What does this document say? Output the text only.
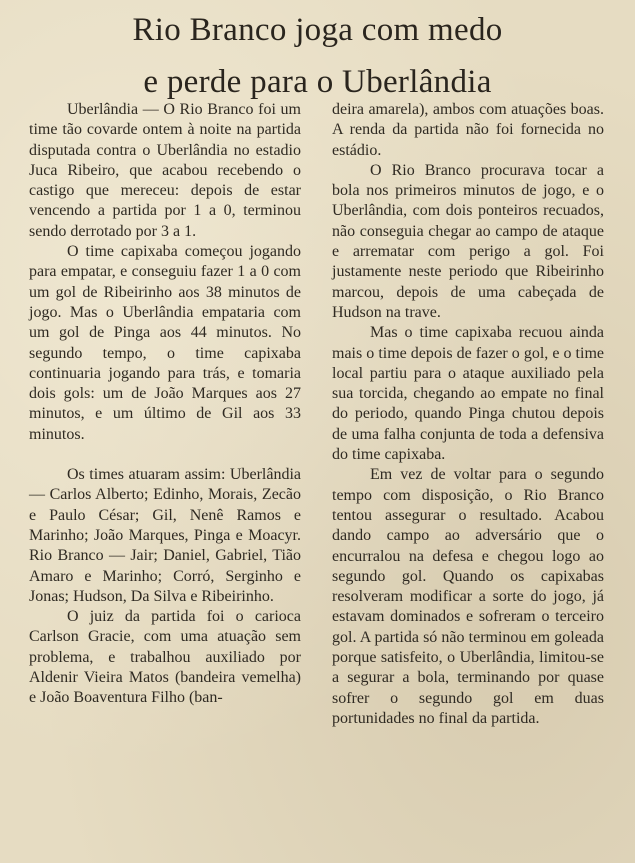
Rio Branco joga com medo
e perde para o Uberlândia

Uberlândia — O Rio Branco foi um time tão covarde ontem à noite na partida disputada contra o Uberlândia no estadio Juca Ribeiro, que acabou recebendo o castigo que mereceu: depois de estar vencendo a partida por 1 a 0, terminou sendo derrotado por 3 a 1.

O time capixaba começou jogando para empatar, e conseguiu fazer 1 a 0 com um gol de Ribeirinho aos 38 minutos de jogo. Mas o Uberlândia empataria com um gol de Pinga aos 44 minutos. No segundo tempo, o time capixaba continuaria jogando para trás, e tomaria dois gols: um de João Marques aos 27 minutos, e um último de Gil aos 33 minutos.

Os times atuaram assim: Uberlândia — Carlos Alberto; Edinho, Morais, Zecão e Paulo César; Gil, Nenê Ramos e Marinho; João Marques, Pinga e Moacyr. Rio Branco — Jair; Daniel, Gabriel, Tião Amaro e Marinho; Corró, Serginho e Jonas; Hudson, Da Silva e Ribeirinho.

O juiz da partida foi o carioca Carlson Gracie, com uma atuação sem problema, e trabalhou auxiliado por Aldenir Vieira Matos (bandeira vemelha) e João Boaventura Filho (ban-

deira amarela), ambos com atuações boas. A renda da partida não foi fornecida no estádio.

O Rio Branco procurava tocar a bola nos primeiros minutos de jogo, e o Uberlândia, com dois ponteiros recuados, não conseguia chegar ao campo de ataque e arrematar com perigo a gol. Foi justamente neste periodo que Ribeirinho marcou, depois de uma cabeçada de Hudson na trave.

Mas o time capixaba recuou ainda mais o time depois de fazer o gol, e o time local partiu para o ataque auxiliado pela sua torcida, chegando ao empate no final do periodo, quando Pinga chutou depois de uma falha conjunta de toda a defensiva do time capixaba.

Em vez de voltar para o segundo tempo com disposição, o Rio Branco tentou assegurar o resultado. Acabou dando campo ao adversário que o encurralou na defesa e chegou logo ao segundo gol. Quando os capixabas resolveram modificar a sorte do jogo, já estavam dominados e sofreram o terceiro gol. A partida só não terminou em goleada porque satisfeito, o Uberlândia, limitou-se a segurar a bola, terminando por quase sofrer o segundo gol em duas portunidades no final da partida.
